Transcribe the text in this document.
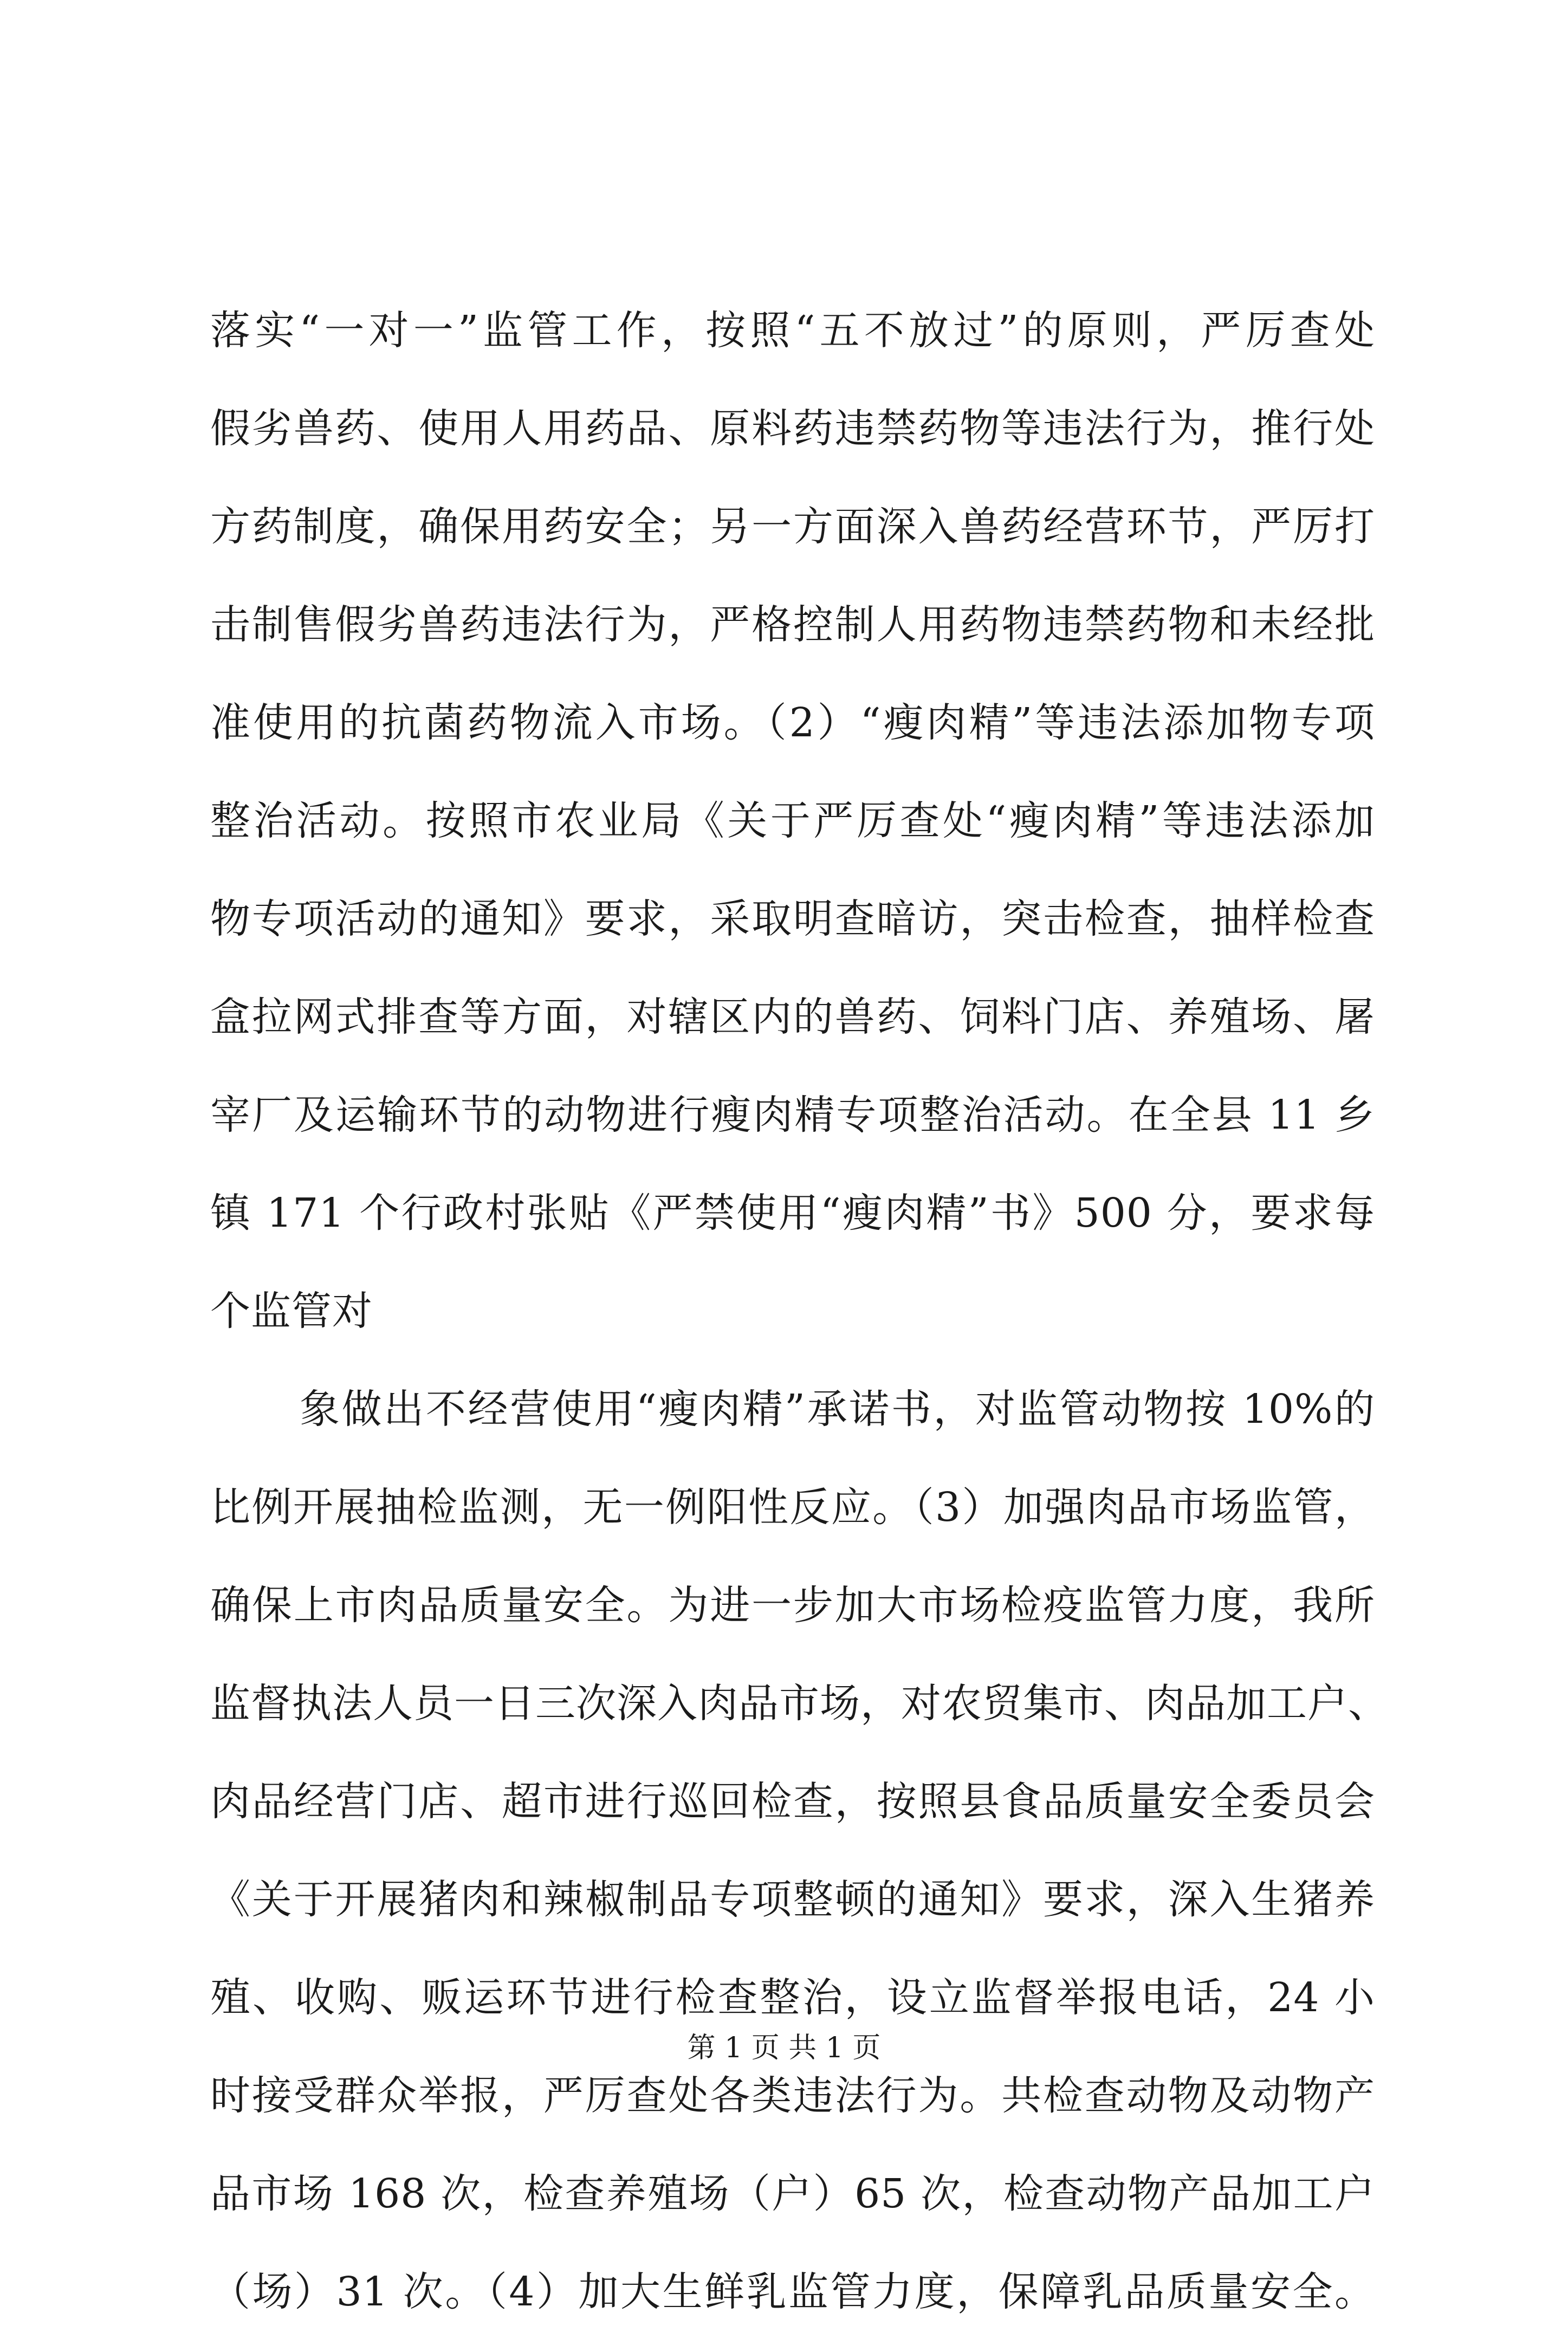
落实“一对一”监管工作，按照“五不放过”的原则，严厉查处
假劣兽药、使用人用药品、原料药违禁药物等违法行为，推行处
方药制度，确保用药安全；另一方面深入兽药经营环节，严厉打
击制售假劣兽药违法行为，严格控制人用药物违禁药物和未经批
准使用的抗菌药物流入市场。（2）“瘦肉精”等违法添加物专项
整治活动。按照市农业局《关于严厉查处“瘦肉精”等违法添加
物专项活动的通知》要求，采取明查暗访，突击检查，抽样检查
盒拉网式排查等方面，对辖区内的兽药、饲料门店、养殖场、屠
宰厂及运输环节的动物进行瘦肉精专项整治活动。在全县 11 乡
镇 171 个行政村张贴《严禁使用“瘦肉精”书》500 分，要求每
个监管对
象做出不经营使用“瘦肉精”承诺书，对监管动物按 10%的
比例开展抽检监测，无一例阳性反应。（3）加强肉品市场监管，
确保上市肉品质量安全。为进一步加大市场检疫监管力度，我所
监督执法人员一日三次深入肉品市场，对农贸集市、肉品加工户、
肉品经营门店、超市进行巡回检查，按照县食品质量安全委员会
《关于开展猪肉和辣椒制品专项整顿的通知》要求，深入生猪养
殖、收购、贩运环节进行检查整治，设立监督举报电话，24 小
时接受群众举报，严厉查处各类违法行为。共检查动物及动物产
品市场 168 次，检查养殖场（户）65 次，检查动物产品加工户
（场）31 次。（4）加大生鲜乳监管力度，保障乳品质量安全。
第 1 页 共 1 页
